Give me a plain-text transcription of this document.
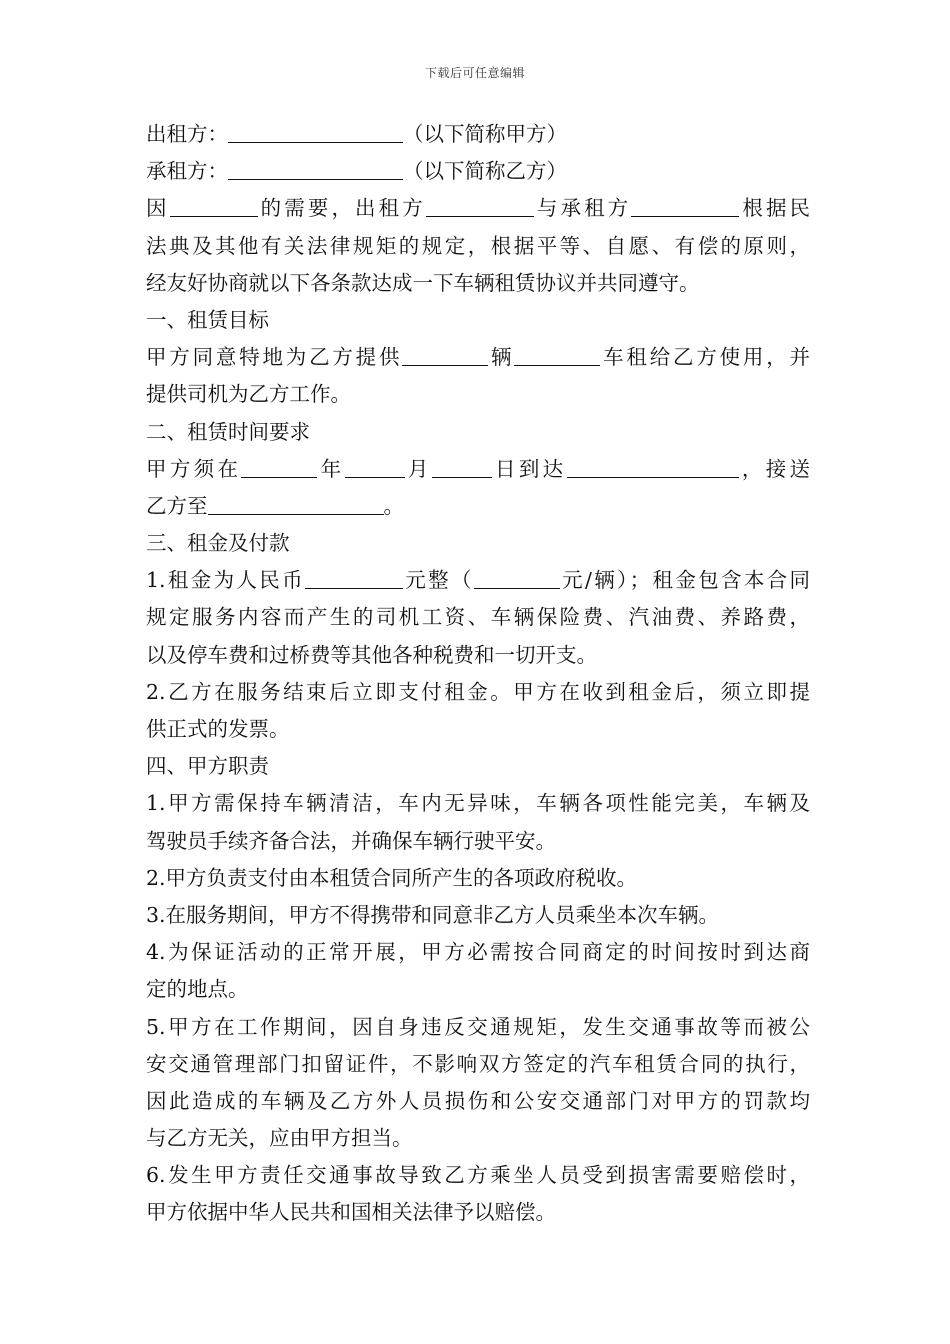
下载后可任意编辑
出租方：	（以下简称甲方）
承租方：	（以下简称乙方）
因	的需要，出租方	与承租方	根据民
法典及其他有关法律规矩的规定，根据平等、自愿、有偿的原则，
经友好协商就以下各条款达成一下车辆租赁协议并共同遵守。
一、租赁目标
甲方同意特地为乙方提供	辆	车租给乙方使用，并
提供司机为乙方工作。
二、租赁时间要求
甲方须在	年	月	日到达	，接送
乙方至	。
三、租金及付款
1.租金为人民币	元整（	元/辆）；租金包含本合同
规定服务内容而产生的司机工资、车辆保险费、汽油费、养路费，
以及停车费和过桥费等其他各种税费和一切开支。
2.乙方在服务结束后立即支付租金。甲方在收到租金后，须立即提
供正式的发票。
四、甲方职责
1.甲方需保持车辆清洁，车内无异味，车辆各项性能完美，车辆及
驾驶员手续齐备合法，并确保车辆行驶平安。
2.甲方负责支付由本租赁合同所产生的各项政府税收。
3.在服务期间，甲方不得携带和同意非乙方人员乘坐本次车辆。
4.为保证活动的正常开展，甲方必需按合同商定的时间按时到达商
定的地点。
5.甲方在工作期间，因自身违反交通规矩，发生交通事故等而被公
安交通管理部门扣留证件，不影响双方签定的汽车租赁合同的执行，
因此造成的车辆及乙方外人员损伤和公安交通部门对甲方的罚款均
与乙方无关，应由甲方担当。
6.发生甲方责任交通事故导致乙方乘坐人员受到损害需要赔偿时，
甲方依据中华人民共和国相关法律予以赔偿。
